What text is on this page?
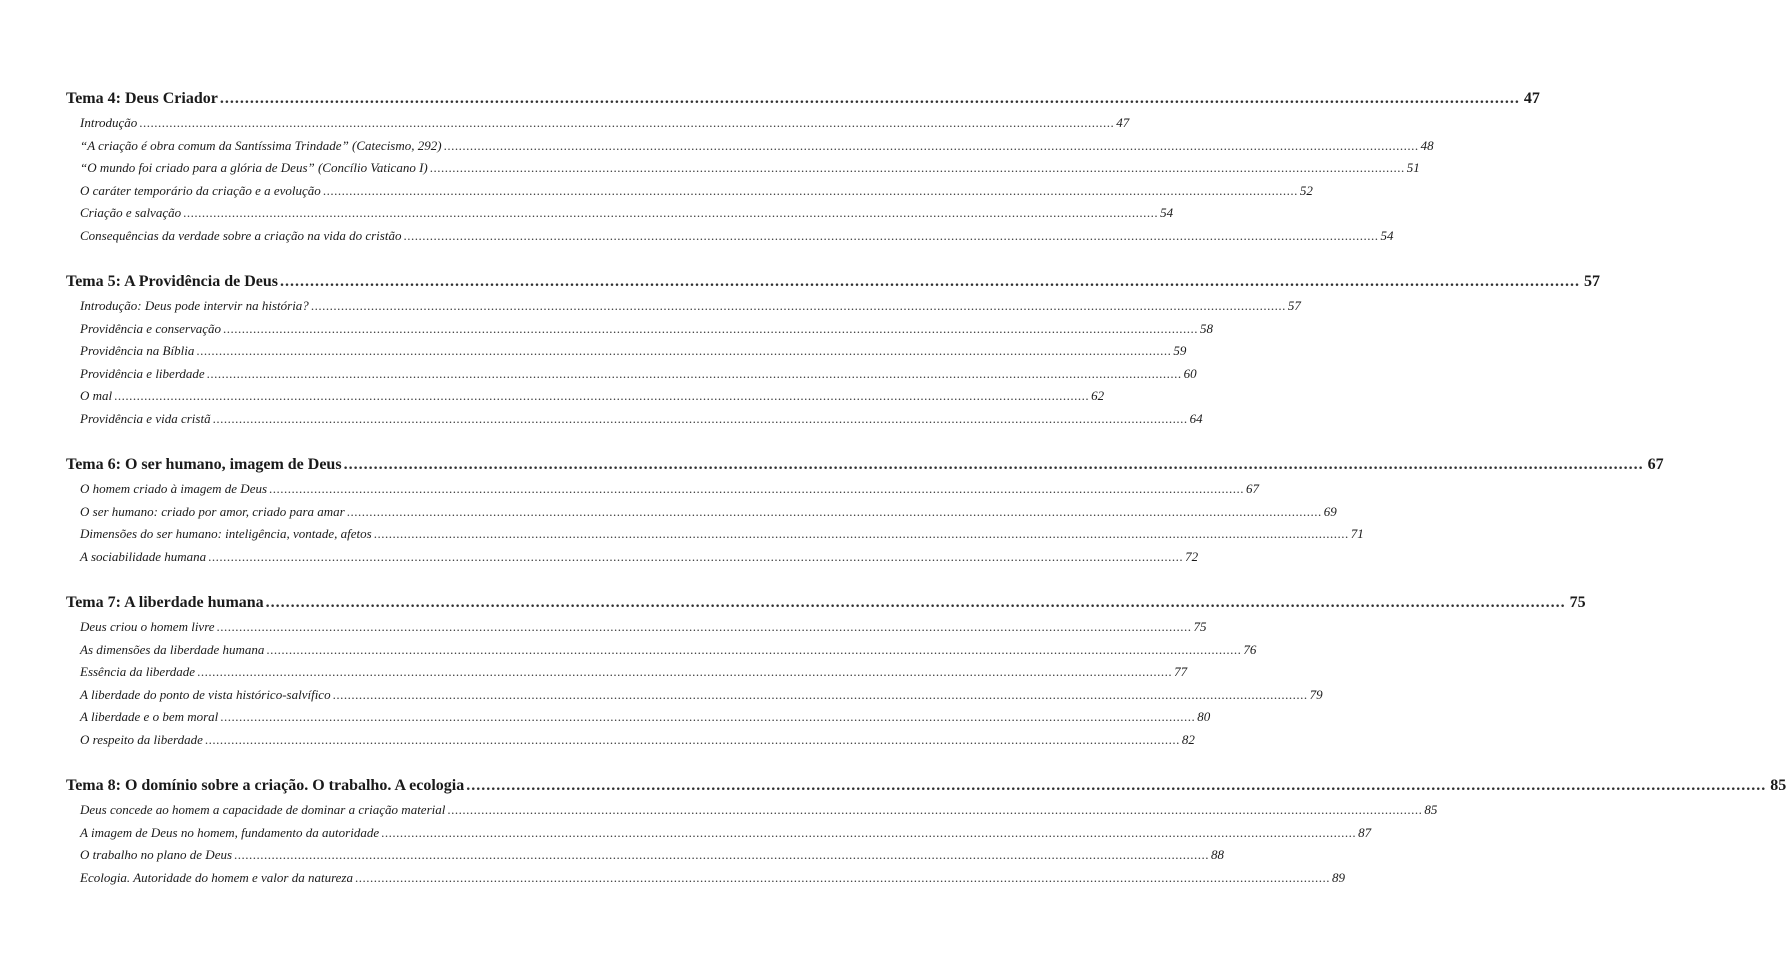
Tema 4: Deus Criador .................................................................................................................................................................................................................................................................... 47
Introdução .................................................................................................................................................................................................................................................................... 47
“A criação é obra comum da Santíssima Trindade” (Catecismo, 292) .................................................................................................................................................................................................................................................................... 48
“O mundo foi criado para a glória de Deus” (Concílio Vaticano I) .................................................................................................................................................................................................................................................................... 51
O caráter temporário da criação e a evolução .................................................................................................................................................................................................................................................................... 52
Criação e salvação .................................................................................................................................................................................................................................................................... 54
Consequências da verdade sobre a criação na vida do cristão .................................................................................................................................................................................................................................................................... 54
Tema 5: A Providência de Deus .................................................................................................................................................................................................................................................................... 57
Introdução: Deus pode intervir na história? .................................................................................................................................................................................................................................................................... 57
Providência e conservação .................................................................................................................................................................................................................................................................... 58
Providência na Bíblia .................................................................................................................................................................................................................................................................... 59
Providência e liberdade .................................................................................................................................................................................................................................................................... 60
O mal .................................................................................................................................................................................................................................................................... 62
Providência e vida cristã .................................................................................................................................................................................................................................................................... 64
Tema 6: O ser humano, imagem de Deus .................................................................................................................................................................................................................................................................... 67
O homem criado à imagem de Deus .................................................................................................................................................................................................................................................................... 67
O ser humano: criado por amor, criado para amar .................................................................................................................................................................................................................................................................... 69
Dimensões do ser humano: inteligência, vontade, afetos .................................................................................................................................................................................................................................................................... 71
A sociabilidade humana .................................................................................................................................................................................................................................................................... 72
Tema 7: A liberdade humana .................................................................................................................................................................................................................................................................... 75
Deus criou o homem livre .................................................................................................................................................................................................................................................................... 75
As dimensões da liberdade humana .................................................................................................................................................................................................................................................................... 76
Essência da liberdade .................................................................................................................................................................................................................................................................... 77
A liberdade do ponto de vista histórico-salvífico .................................................................................................................................................................................................................................................................... 79
A liberdade e o bem moral .................................................................................................................................................................................................................................................................... 80
O respeito da liberdade .................................................................................................................................................................................................................................................................... 82
Tema 8: O domínio sobre a criação. O trabalho. A ecologia .................................................................................................................................................................................................................................................................... 85
Deus concede ao homem a capacidade de dominar a criação material .................................................................................................................................................................................................................................................................... 85
A imagem de Deus no homem, fundamento da autoridade .................................................................................................................................................................................................................................................................... 87
O trabalho no plano de Deus .................................................................................................................................................................................................................................................................... 88
Ecologia. Autoridade do homem e valor da natureza .................................................................................................................................................................................................................................................................... 89
